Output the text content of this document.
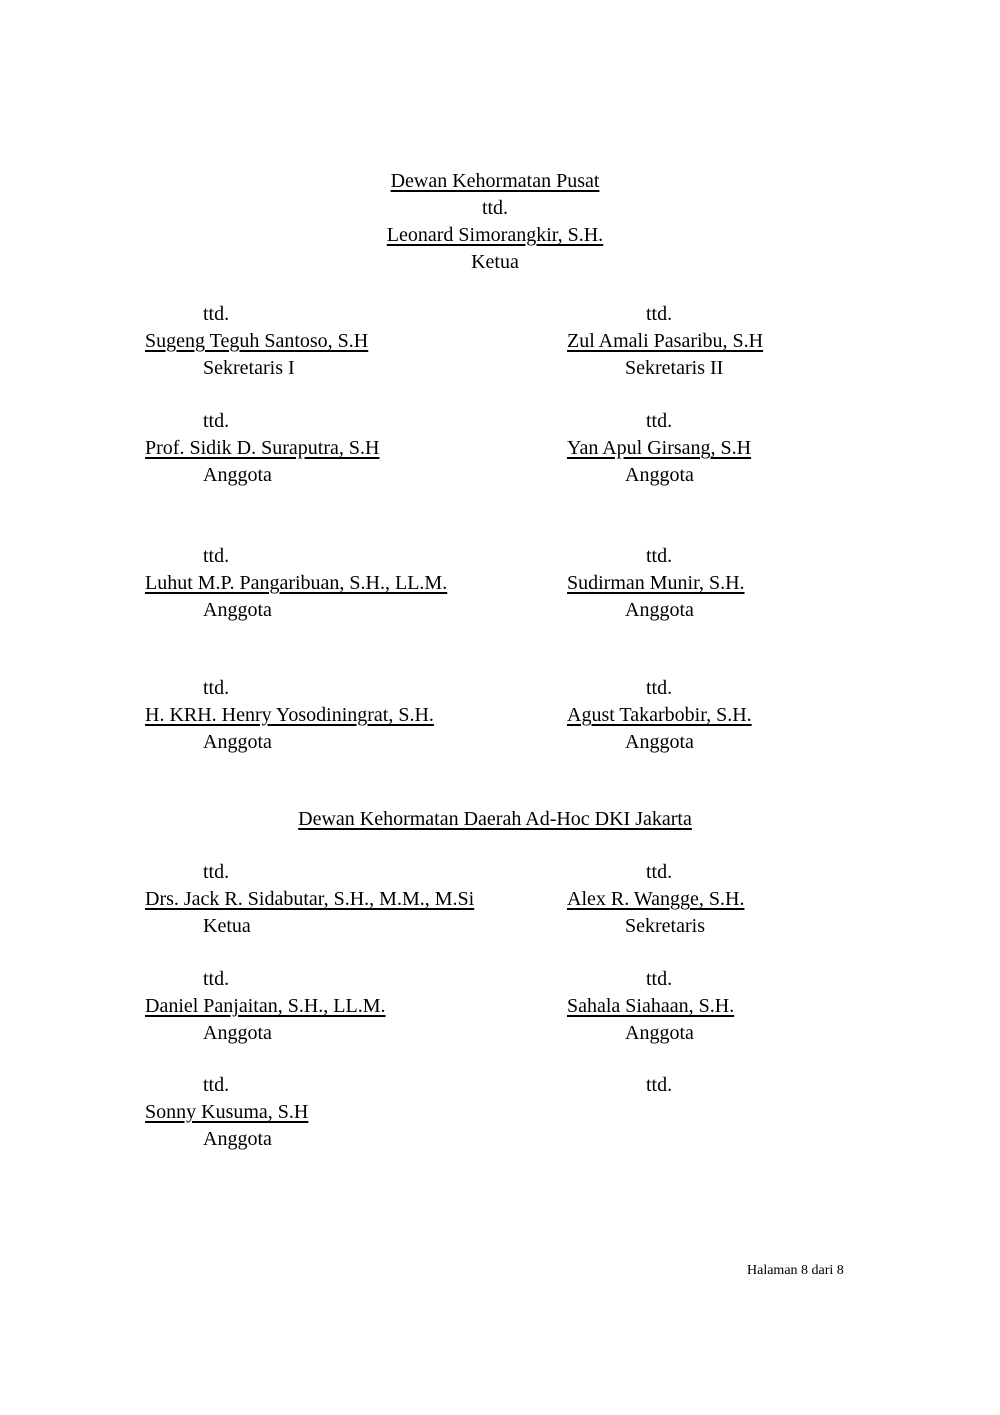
Dewan Kehormatan Pusat
ttd.
Leonard Simorangkir, S.H.
Ketua
ttd.
Sugeng Teguh Santoso, S.H
Sekretaris I
ttd.
Zul Amali Pasaribu, S.H
Sekretaris II
ttd.
Prof. Sidik D. Suraputra, S.H
Anggota
ttd.
Yan Apul Girsang, S.H
Anggota
ttd.
Luhut M.P. Pangaribuan, S.H., LL.M.
Anggota
ttd.
Sudirman Munir, S.H.
Anggota
ttd.
H. KRH. Henry Yosodiningrat, S.H.
Anggota
ttd.
Agust Takarbobir, S.H.
Anggota
Dewan Kehormatan Daerah Ad-Hoc DKI Jakarta
ttd.
Drs. Jack R. Sidabutar, S.H., M.M., M.Si
Ketua
ttd.
Alex R. Wangge, S.H.
Sekretaris
ttd.
Daniel Panjaitan, S.H., LL.M.
Anggota
ttd.
Sahala Siahaan, S.H.
Anggota
ttd.
Sonny Kusuma, S.H
Anggota
ttd.
Halaman 8 dari 8
